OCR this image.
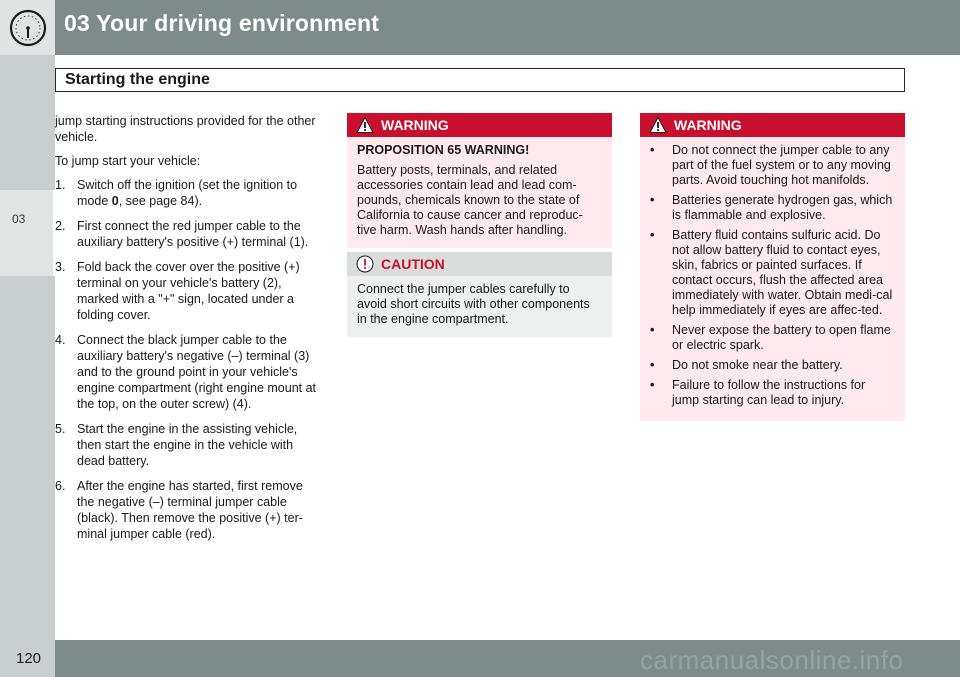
03 Your driving environment
Starting the engine
03

jump starting instructions provided for the other vehicle.

To jump start your vehicle:

1. Switch off the ignition (set the ignition to mode 0, see page 84).
2. First connect the red jumper cable to the auxiliary battery's positive (+) terminal (1).
3. Fold back the cover over the positive (+) terminal on your vehicle's battery (2), marked with a "+" sign, located under a folding cover.
4. Connect the black jumper cable to the auxiliary battery's negative (–) terminal (3) and to the ground point in your vehicle's engine compartment (right engine mount at the top, on the outer screw) (4).
5. Start the engine in the assisting vehicle, then start the engine in the vehicle with dead battery.
6. After the engine has started, first remove the negative (–) terminal jumper cable (black). Then remove the positive (+) ter-minal jumper cable (red).
WARNING
PROPOSITION 65 WARNING!
Battery posts, terminals, and related accessories contain lead and lead com-pounds, chemicals known to the state of California to cause cancer and reproduc-tive harm. Wash hands after handling.
CAUTION
Connect the jumper cables carefully to avoid short circuits with other components in the engine compartment.
WARNING
• Do not connect the jumper cable to any part of the fuel system or to any moving parts. Avoid touching hot manifolds.
• Batteries generate hydrogen gas, which is flammable and explosive.
• Battery fluid contains sulfuric acid. Do not allow battery fluid to contact eyes, skin, fabrics or painted surfaces. If contact occurs, flush the affected area immediately with water. Obtain medi-cal help immediately if eyes are affec-ted.
• Never expose the battery to open flame or electric spark.
• Do not smoke near the battery.
• Failure to follow the instructions for jump starting can lead to injury.
120	carmanualsonline.info
